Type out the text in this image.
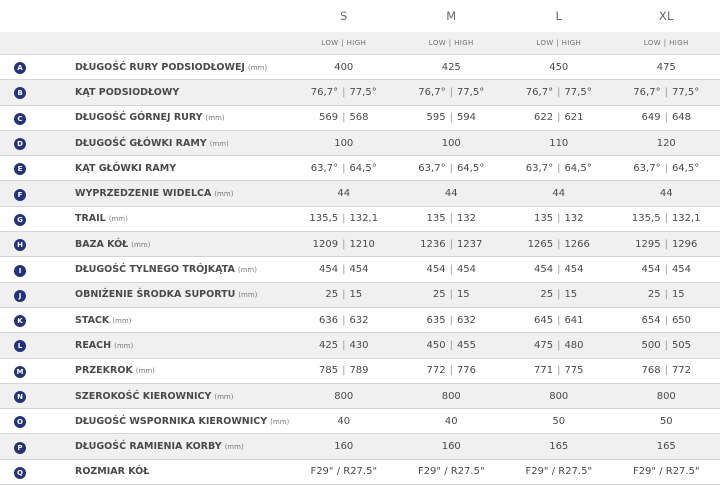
		S	M	L	XL
		LOW | HIGH	LOW | HIGH	LOW | HIGH	LOW | HIGH
A	DŁUGOŚĆ RURY PODSIODŁOWEJ (mm)	400	425	450	475
B	KĄT PODSIODŁOWY	76,7° | 77,5°	76,7° | 77,5°	76,7° | 77,5°	76,7° | 77,5°
C	DŁUGOŚĆ GÓRNEJ RURY (mm)	569 | 568	595 | 594	622 | 621	649 | 648
D	DŁUGOŚĆ GŁÓWKI RAMY (mm)	100	100	110	120
E	KĄT GŁÓWKI RAMY	63,7° | 64,5°	63,7° | 64,5°	63,7° | 64,5°	63,7° | 64,5°
F	WYPRZEDZENIE WIDELCA (mm)	44	44	44	44
G	TRAIL (mm)	135,5 | 132,1	135 | 132	135 | 132	135,5 | 132,1
H	BAZA KÓŁ (mm)	1209 | 1210	1236 | 1237	1265 | 1266	1295 | 1296
I	DŁUGOŚĆ TYLNEGO TRÓJKĄTA (mm)	454 | 454	454 | 454	454 | 454	454 | 454
J	OBNIŻENIE ŚRODKA SUPORTU (mm)	25 | 15	25 | 15	25 | 15	25 | 15
K	STACK (mm)	636 | 632	635 | 632	645 | 641	654 | 650
L	REACH (mm)	425 | 430	450 | 455	475 | 480	500 | 505
M	PRZEKROK (mm)	785 | 789	772 | 776	771 | 775	768 | 772
N	SZEROKOŚĆ KIEROWNICY (mm)	800	800	800	800
O	DŁUGOŚĆ WSPORNIKA KIEROWNICY (mm)	40	40	50	50
P	DŁUGOŚĆ RAMIENIA KORBY (mm)	160	160	165	165
Q	ROZMIAR KÓŁ	F29" / R27.5"	F29" / R27.5"	F29" / R27.5"	F29" / R27.5"
